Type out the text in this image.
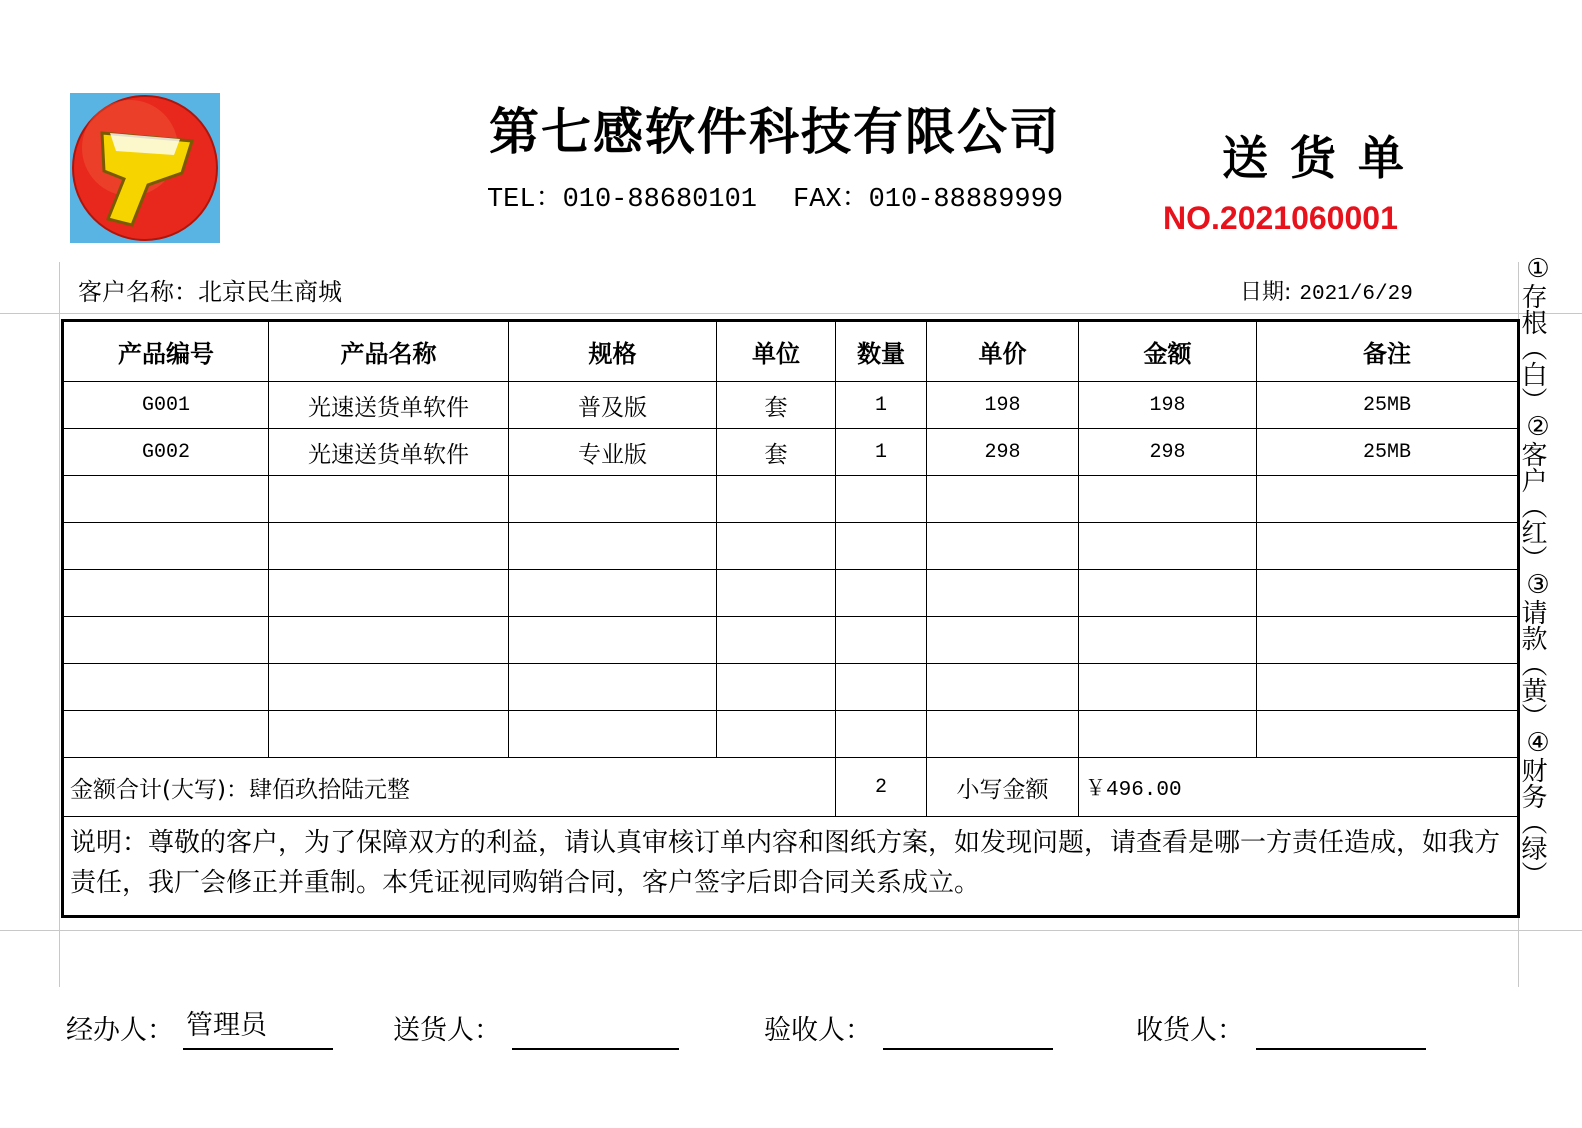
第七感软件科技有限公司
TEL：010-88680101 FAX：010-88889999
送货单
NO.2021060001
客户名称：北京民生商城	日期: 2021/6/29
①
存根
（白）
②
客户
（红）
③
请款
（黄）
④
财务
（绿）
产品编号	产品名称	规格	单位	数量	单价	金额	备注
G001	光速送货单软件	普及版	套	1	198	198	25MB
G002	光速送货单软件	专业版	套	1	298	298	25MB

金额合计(大写)：肆佰玖拾陆元整				2	小写金额	￥496.00	
说明：尊敬的客户，为了保障双方的利益，请认真审核订单内容和图纸方案，如发现问题，请查看是哪一方责任造成，如我方责任，我厂会修正并重制。本凭证视同购销合同，客户签字后即合同关系成立。							
经办人： 管理员	送货人：	验收人：	收货人：
